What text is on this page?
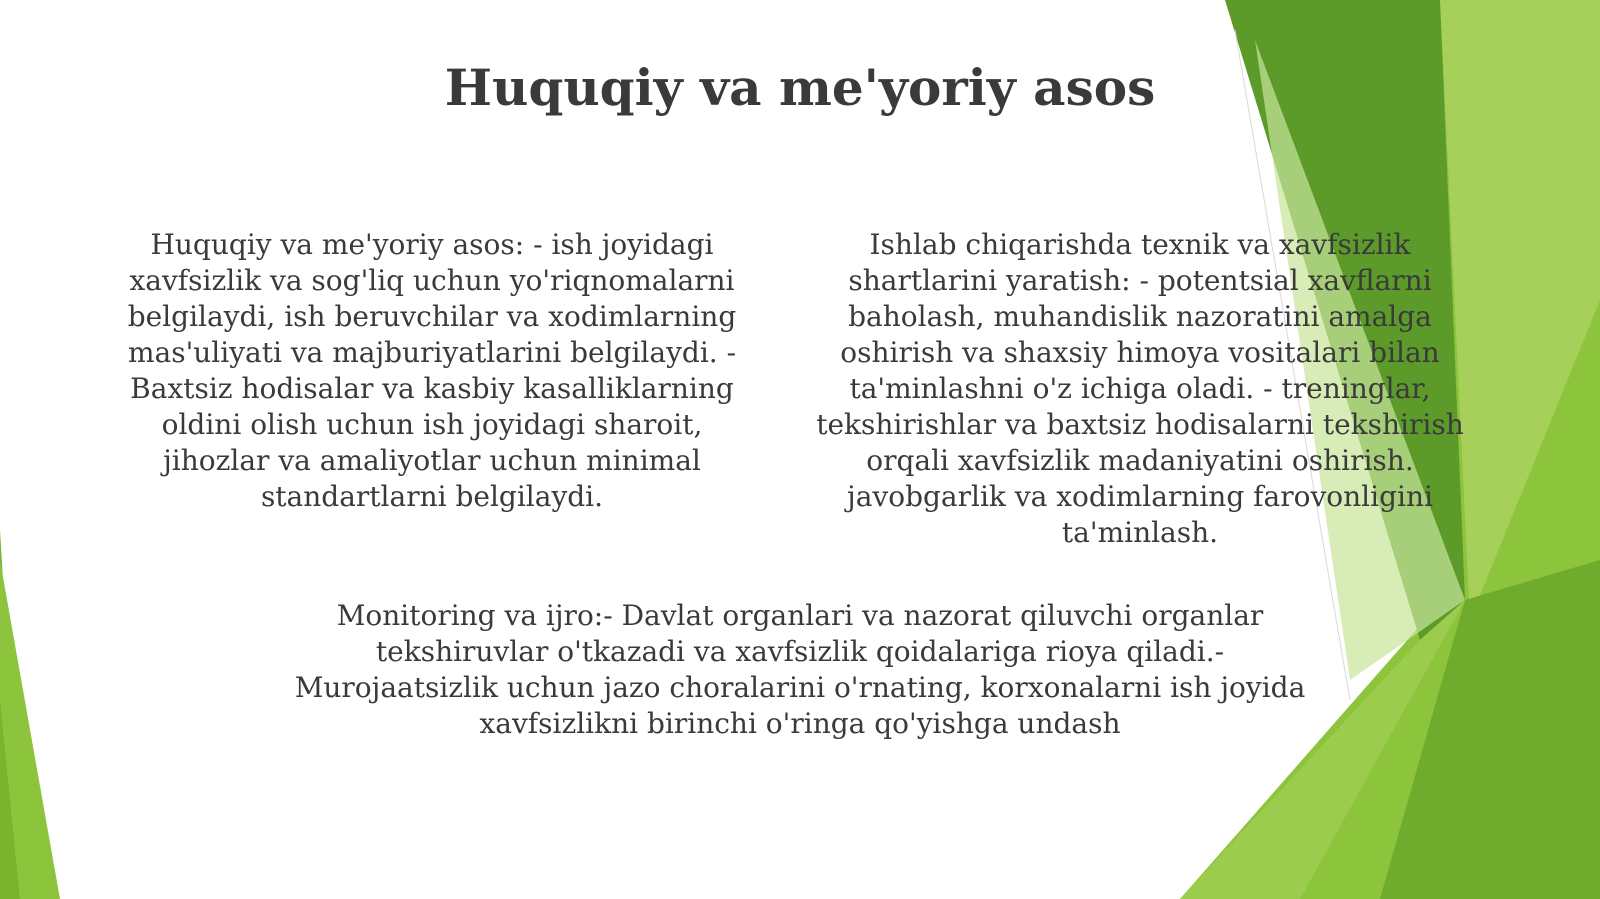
Huquqiy va me'yoriy asos

Huquqiy va me'yoriy asos: - ish joyidagi xavfsizlik va sog'liq uchun yo'riqnomalarni belgilaydi, ish beruvchilar va xodimlarning mas'uliyati va majburiyatlarini belgilaydi. - Baxtsiz hodisalar va kasbiy kasalliklarning oldini olish uchun ish joyidagi sharoit, jihozlar va amaliyotlar uchun minimal standartlarni belgilaydi.

Ishlab chiqarishda texnik va xavfsizlik shartlarini yaratish: - potentsial xavflarni baholash, muhandislik nazoratini amalga oshirish va shaxsiy himoya vositalari bilan ta'minlashni o'z ichiga oladi. - treninglar, tekshirishlar va baxtsiz hodisalarni tekshirish orqali xavfsizlik madaniyatini oshirish. javobgarlik va xodimlarning farovonligini ta'minlash.

Monitoring va ijro:- Davlat organlari va nazorat qiluvchi organlar tekshiruvlar o'tkazadi va xavfsizlik qoidalariga rioya qiladi.- Murojaatsizlik uchun jazo choralarini o'rnating, korxonalarni ish joyida xavfsizlikni birinchi o'ringa qo'yishga undash
